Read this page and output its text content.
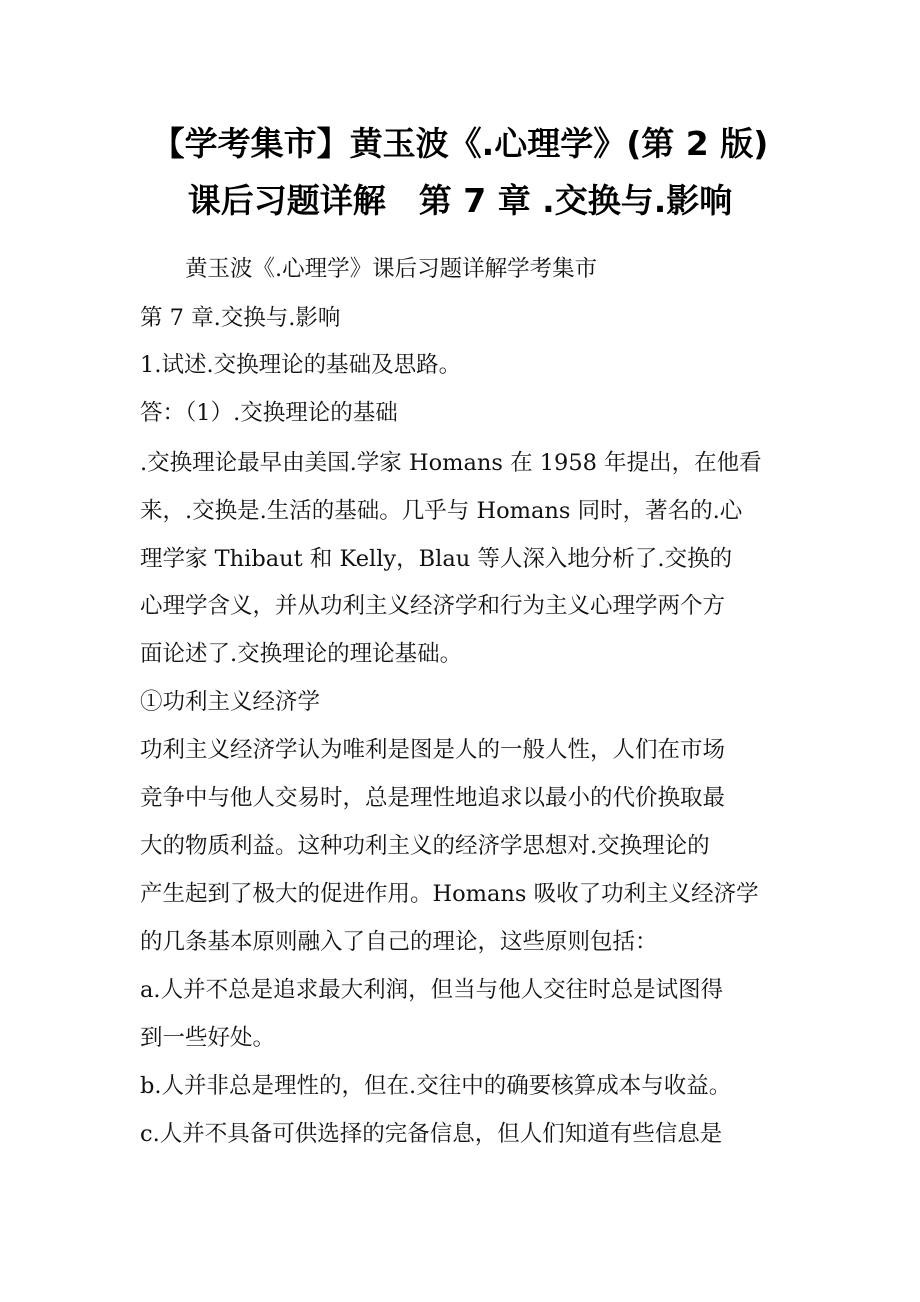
【学考集市】黄玉波《.心理学》(第 2 版)
课后习题详解　第 7 章 .交换与.影响
　　黄玉波《.心理学》课后习题详解学考集市
第 7 章.交换与.影响
1.试述.交换理论的基础及思路。
答：（1）.交换理论的基础
.交换理论最早由美国.学家 Homans 在 1958 年提出，在他看
来，.交换是.生活的基础。几乎与 Homans 同时，著名的.心
理学家 Thibaut 和 Kelly，Blau 等人深入地分析了.交换的
心理学含义，并从功利主义经济学和行为主义心理学两个方
面论述了.交换理论的理论基础。
①功利主义经济学
功利主义经济学认为唯利是图是人的一般人性，人们在市场
竞争中与他人交易时，总是理性地追求以最小的代价换取最
大的物质利益。这种功利主义的经济学思想对.交换理论的
产生起到了极大的促进作用。Homans 吸收了功利主义经济学
的几条基本原则融入了自己的理论，这些原则包括：
a.人并不总是追求最大利润，但当与他人交往时总是试图得
到一些好处。
b.人并非总是理性的，但在.交往中的确要核算成本与收益。
c.人并不具备可供选择的完备信息，但人们知道有些信息是
